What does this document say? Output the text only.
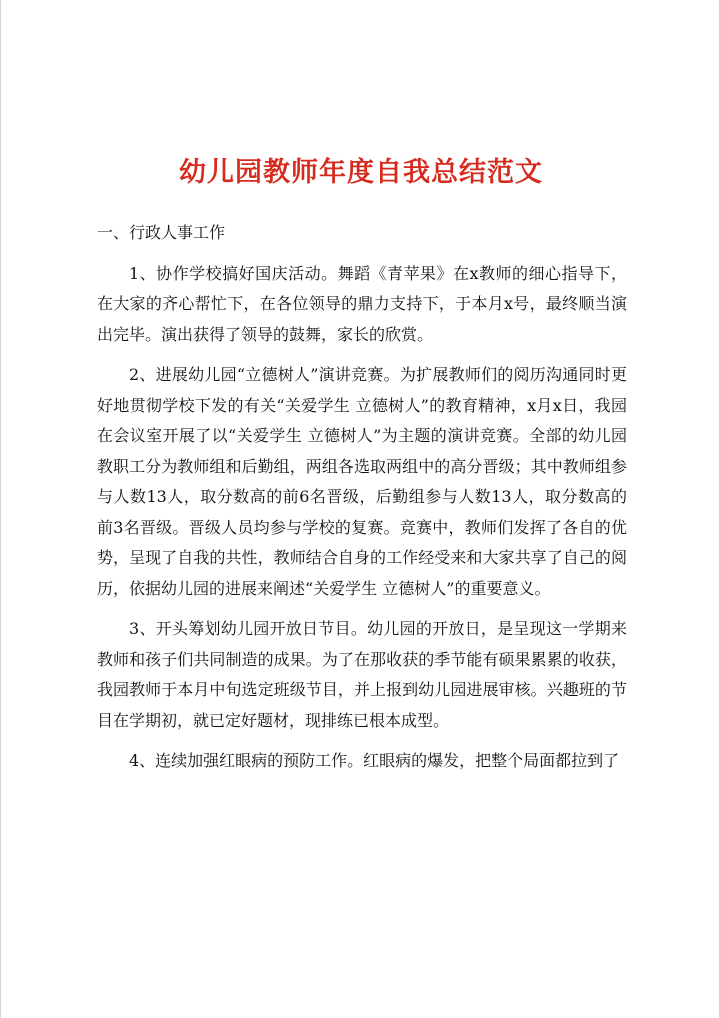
幼儿园教师年度自我总结范文

一、行政人事工作

1、协作学校搞好国庆活动。舞蹈《青苹果》在x教师的细心指导下，在大家的齐心帮忙下，在各位领导的鼎力支持下，于本月x号，最终顺当演出完毕。演出获得了领导的鼓舞，家长的欣赏。

2、进展幼儿园“立德树人”演讲竞赛。为扩展教师们的阅历沟通同时更好地贯彻学校下发的有关“关爱学生 立德树人”的教育精神，x月x日，我园在会议室开展了以“关爱学生 立德树人”为主题的演讲竞赛。全部的幼儿园教职工分为教师组和后勤组，两组各选取两组中的高分晋级；其中教师组参与人数13人，取分数高的前6名晋级，后勤组参与人数13人，取分数高的前3名晋级。晋级人员均参与学校的复赛。竞赛中，教师们发挥了各自的优势，呈现了自我的共性，教师结合自身的工作经受来和大家共享了自己的阅历，依据幼儿园的进展来阐述“关爱学生 立德树人”的重要意义。

3、开头筹划幼儿园开放日节目。幼儿园的开放日，是呈现这一学期来教师和孩子们共同制造的成果。为了在那收获的季节能有硕果累累的收获，我园教师于本月中旬选定班级节目，并上报到幼儿园进展审核。兴趣班的节目在学期初，就已定好题材，现排练已根本成型。

4、连续加强红眼病的预防工作。红眼病的爆发，把整个局面都拉到了
